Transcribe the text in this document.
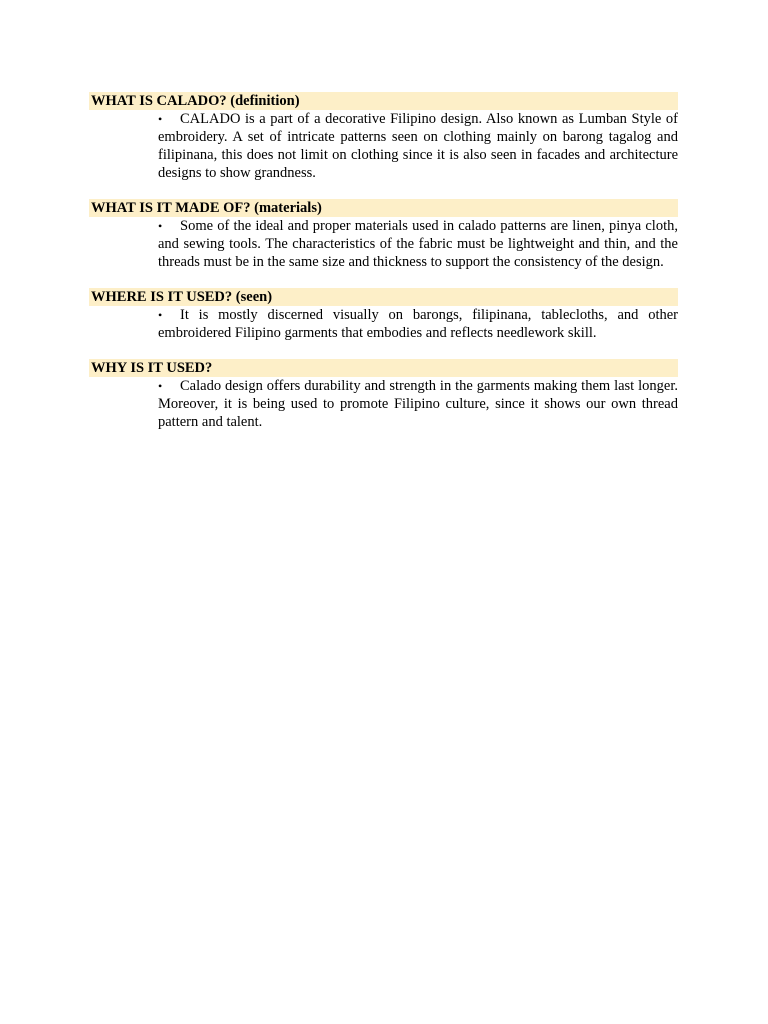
WHAT IS CALADO? (definition)
•	CALADO is a part of a decorative Filipino design. Also known as Lumban Style of embroidery. A set of intricate patterns seen on clothing mainly on barong tagalog and filipinana, this does not limit on clothing since it is also seen in facades and architecture designs to show grandness.
WHAT IS IT MADE OF? (materials)
•	Some of the ideal and proper materials used in calado patterns are linen, pinya cloth, and sewing tools. The characteristics of the fabric must be lightweight and thin, and the threads must be in the same size and thickness to support the consistency of the design.
WHERE IS IT USED? (seen)
•	It is mostly discerned visually on barongs, filipinana, tablecloths, and other embroidered Filipino garments that embodies and reflects needlework skill.
WHY IS IT USED?
•	Calado design offers durability and strength in the garments making them last longer. Moreover, it is being used to promote Filipino culture, since it shows our own thread pattern and talent.
